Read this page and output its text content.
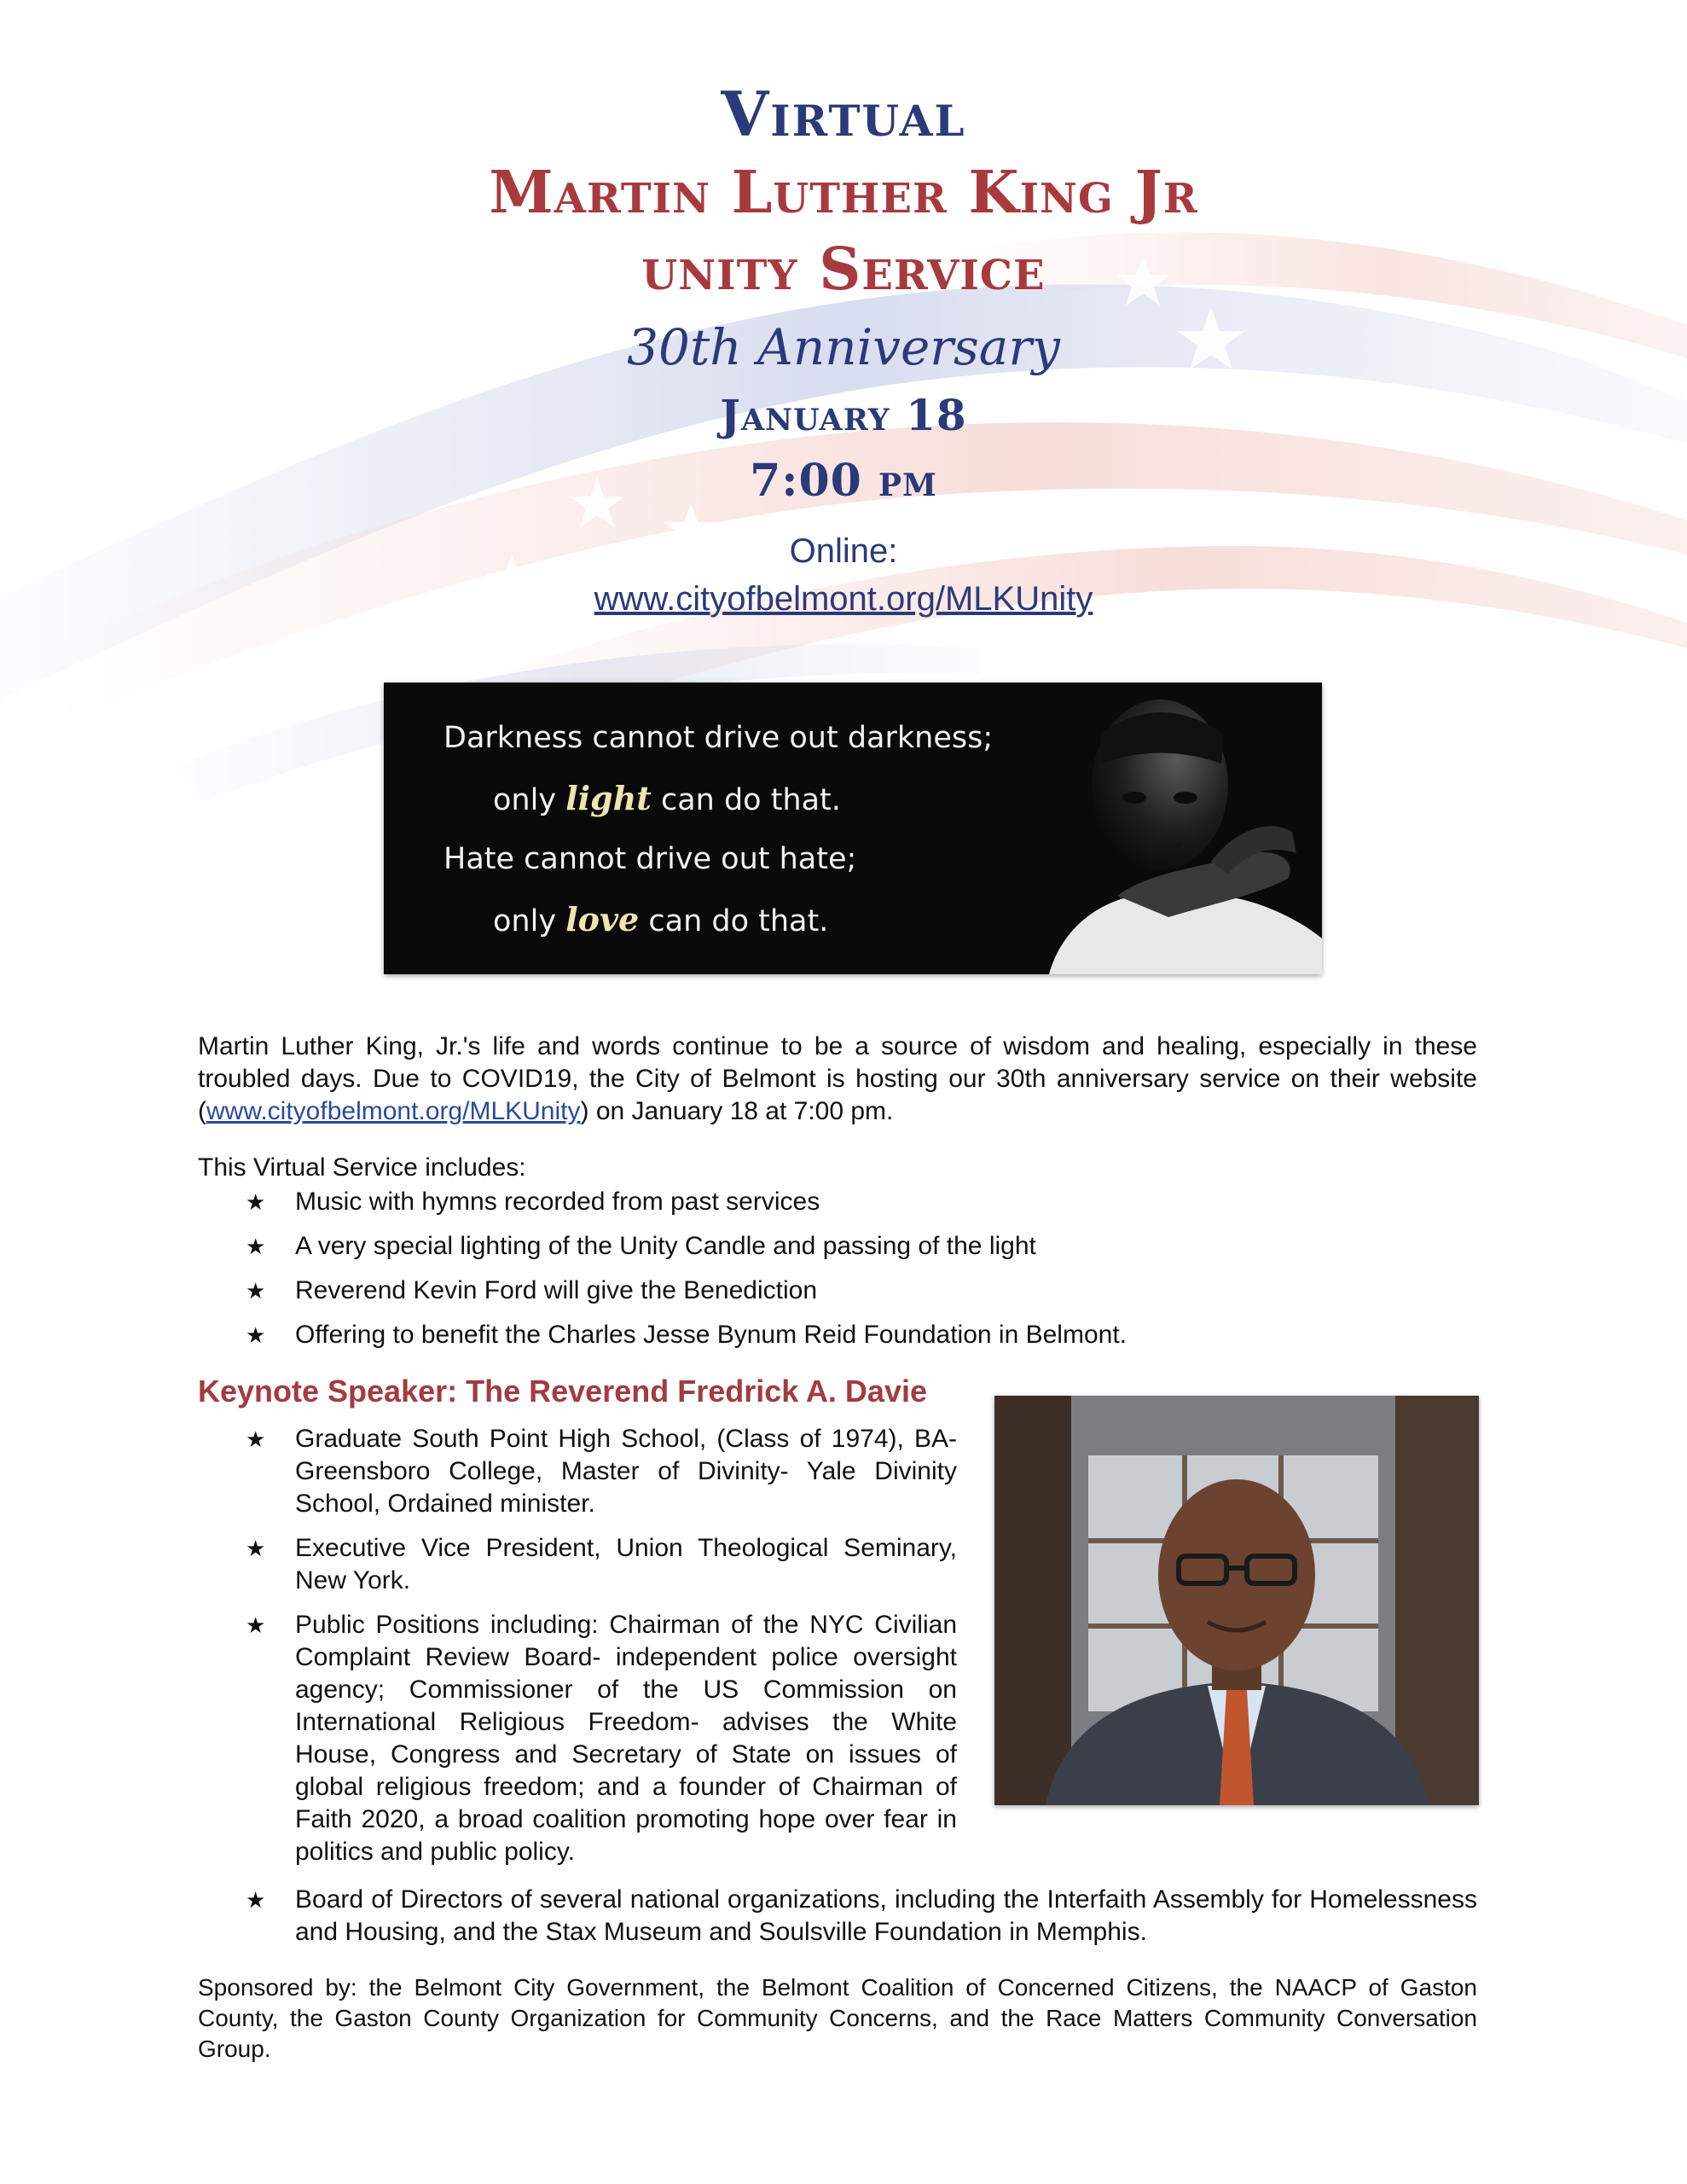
Virtual
Martin Luther King Jr
unity Service
30th Anniversary
January 18
7:00 pm
Online:
www.cityofbelmont.org/MLKUnity
Darkness cannot drive out darkness;
only light can do that.
Hate cannot drive out hate;
only love can do that.
Martin Luther King, Jr.'s life and words continue to be a source of wisdom and healing, especially in these troubled days. Due to COVID19, the City of Belmont is hosting our 30th anniversary service on their website (www.cityofbelmont.org/MLKUnity) on January 18 at 7:00 pm.
This Virtual Service includes:
★ Music with hymns recorded from past services
★ A very special lighting of the Unity Candle and passing of the light
★ Reverend Kevin Ford will give the Benediction
★ Offering to benefit the Charles Jesse Bynum Reid Foundation in Belmont.
Keynote Speaker: The Reverend Fredrick A. Davie
★ Graduate South Point High School, (Class of 1974), BA-Greensboro College, Master of Divinity- Yale Divinity School, Ordained minister.
★ Executive Vice President, Union Theological Seminary, New York.
★ Public Positions including: Chairman of the NYC Civilian Complaint Review Board- independent police oversight agency; Commissioner of the US Commission on International Religious Freedom- advises the White House, Congress and Secretary of State on issues of global religious freedom; and a founder of Chairman of Faith 2020, a broad coalition promoting hope over fear in politics and public policy.
★ Board of Directors of several national organizations, including the Interfaith Assembly for Homelessness and Housing, and the Stax Museum and Soulsville Foundation in Memphis.
Sponsored by: the Belmont City Government, the Belmont Coalition of Concerned Citizens, the NAACP of Gaston County, the Gaston County Organization for Community Concerns, and the Race Matters Community Conversation Group.
